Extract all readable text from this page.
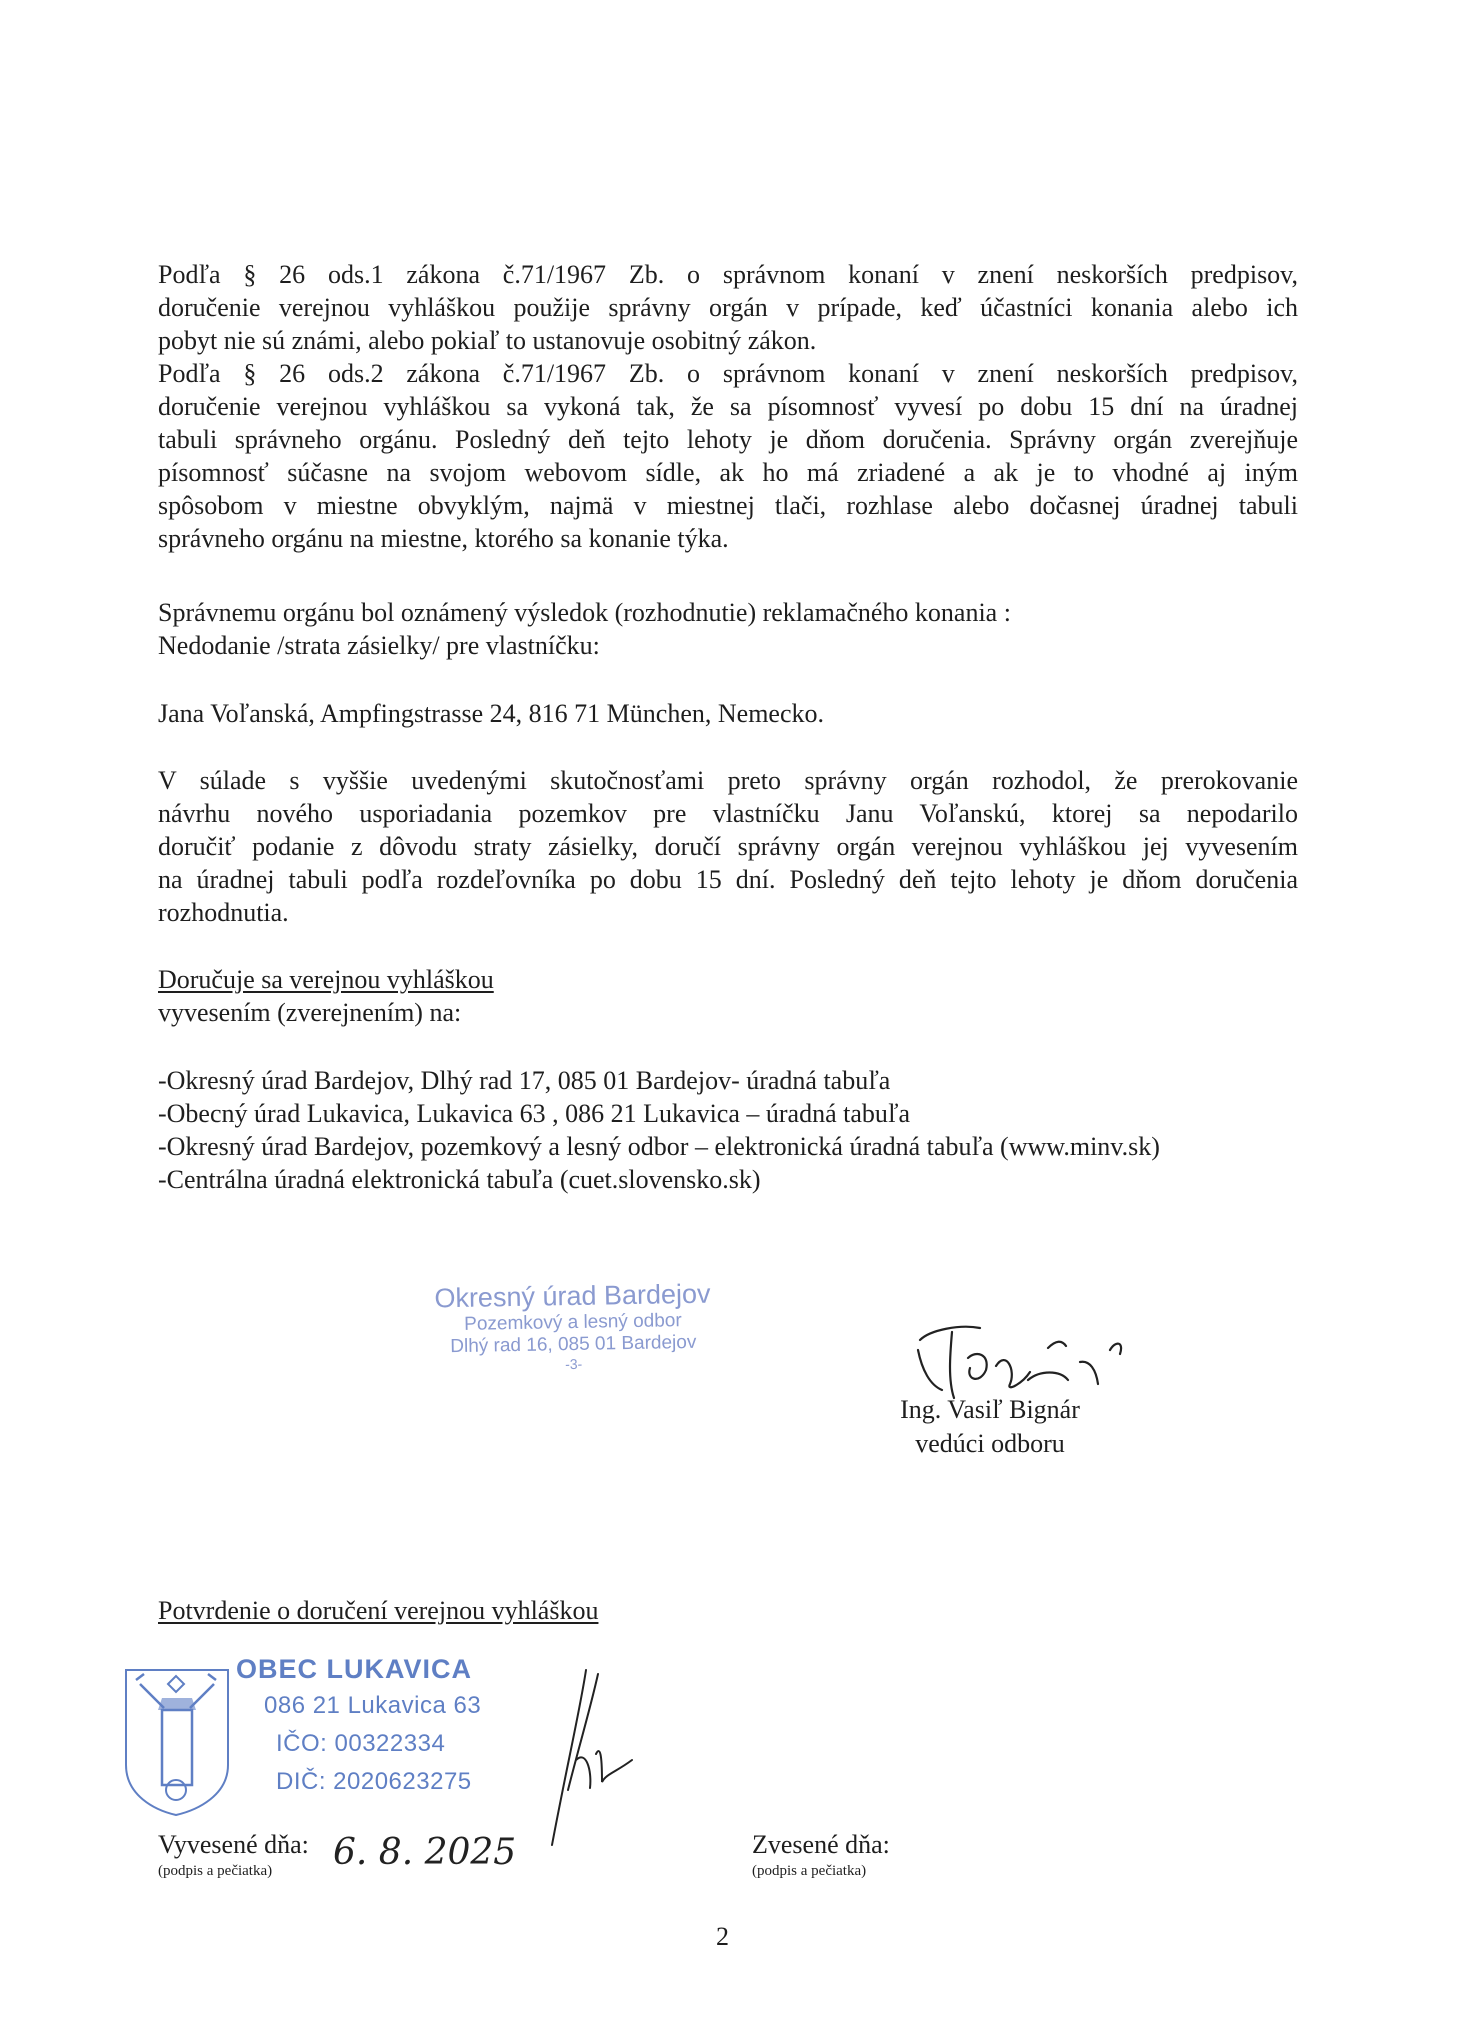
Podľa § 26 ods.1 zákona č.71/1967 Zb. o správnom konaní v znení neskorších predpisov,

doručenie verejnou vyhláškou použije správny orgán v prípade, keď účastníci konania alebo ich

pobyt nie sú známi, alebo pokiaľ to ustanovuje osobitný zákon.

Podľa § 26 ods.2 zákona č.71/1967 Zb. o správnom konaní v znení neskorších predpisov,

doručenie verejnou vyhláškou sa vykoná tak, že sa písomnosť vyvesí po dobu 15 dní na úradnej

tabuli správneho orgánu. Posledný deň tejto lehoty je dňom doručenia. Správny orgán zverejňuje

písomnosť súčasne na svojom webovom sídle, ak ho má zriadené a ak je to vhodné aj iným

spôsobom v miestne obvyklým, najmä v miestnej tlači, rozhlase alebo dočasnej úradnej tabuli

správneho orgánu na miestne, ktorého sa konanie týka.

Správnemu orgánu bol oznámený výsledok (rozhodnutie) reklamačného konania :

Nedodanie /strata zásielky/ pre vlastníčku:

Jana Voľanská, Ampfingstrasse 24, 816 71 München, Nemecko.

V súlade s vyššie uvedenými skutočnosťami preto správny orgán rozhodol, že prerokovanie

návrhu nového usporiadania pozemkov pre vlastníčku Janu Voľanskú, ktorej sa nepodarilo

doručiť podanie z dôvodu straty zásielky, doručí správny orgán verejnou vyhláškou jej vyvesením

na úradnej tabuli podľa rozdeľovníka po dobu 15 dní. Posledný deň tejto lehoty je dňom doručenia

rozhodnutia.

Doručuje sa verejnou vyhláškou

vyvesením (zverejnením) na:

-Okresný úrad Bardejov, Dlhý rad 17, 085 01 Bardejov- úradná tabuľa

-Obecný úrad Lukavica, Lukavica 63 , 086 21 Lukavica – úradná tabuľa

-Okresný úrad Bardejov, pozemkový a lesný odbor – elektronická úradná tabuľa (www.minv.sk)

-Centrálna úradná elektronická tabuľa (cuet.slovensko.sk)

Okresný úrad Bardejov
Pozemkový a lesný odbor
Dlhý rad 16, 085 01 Bardejov
-3-
Ing. Vasiľ Bignár
vedúci odboru
Potvrdenie o doručení verejnou vyhláškou
OBEC LUKAVICA
086 21 Lukavica 63
IČO: 00322334
DIČ: 2020623275
Vyvesené dňa:
(podpis a pečiatka)	6. 8. 2025	Zvesené dňa:
(podpis a pečiatka)
2
